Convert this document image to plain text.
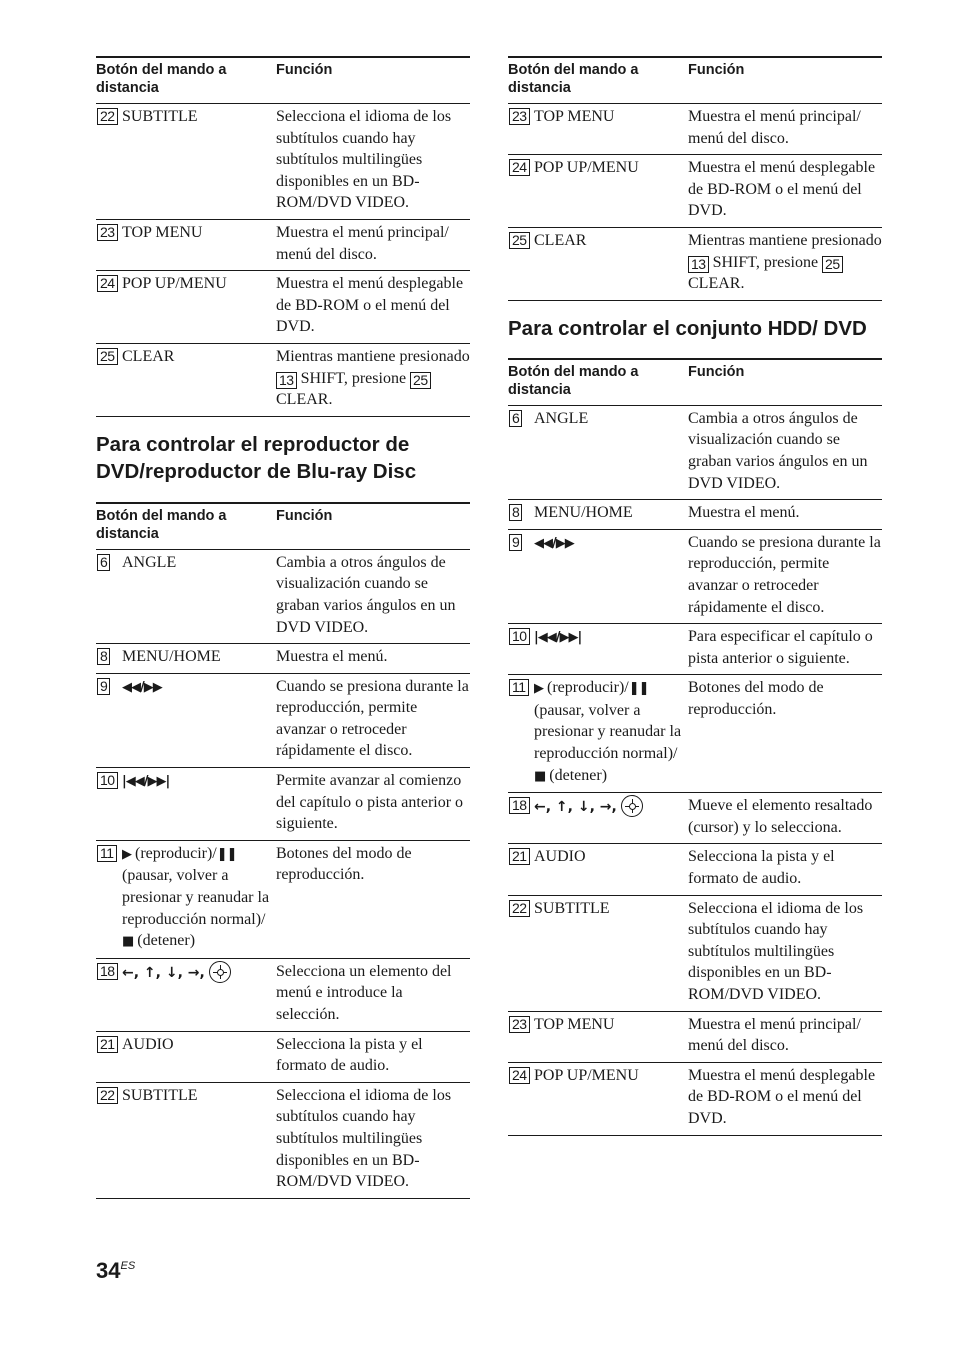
Botón del mando a distancia	Función

22 SUBTITLE	Selecciona el idioma de los subtítulos cuando hay subtítulos multilingües disponibles en un BD-ROM/DVD VIDEO.

23 TOP MENU	Muestra el menú principal/ menú del disco.

24 POP UP/MENU	Muestra el menú desplegable de BD-ROM o el menú del DVD.

25 CLEAR	Mientras mantiene presionado 13 SHIFT, presione 25 CLEAR.
Para controlar el reproductor de DVD/reproductor de Blu-ray Disc
Botón del mando a distancia	Función

6 ANGLE	Cambia a otros ángulos de visualización cuando se graban varios ángulos en un DVD VIDEO.

8 MENU/HOME	Muestra el menú.

9 ◀◀/▶▶	Cuando se presiona durante la reproducción, permite avanzar o retroceder rápidamente el disco.

10 |◀◀/▶▶|	Permite avanzar al comienzo del capítulo o pista anterior o siguiente.

11 ▶ (reproducir)/❚❚ (pausar, volver a presionar y reanudar la reproducción normal)/■ (detener)	Botones del modo de reproducción.

18 ←, ↑, ↓, →,	Selecciona un elemento del menú e introduce la selección.

21 AUDIO	Selecciona la pista y el formato de audio.

22 SUBTITLE	Selecciona el idioma de los subtítulos cuando hay subtítulos multilingües disponibles en un BD-ROM/DVD VIDEO.
Botón del mando a distancia	Función

23 TOP MENU	Muestra el menú principal/ menú del disco.

24 POP UP/MENU	Muestra el menú desplegable de BD-ROM o el menú del DVD.

25 CLEAR	Mientras mantiene presionado 13 SHIFT, presione 25 CLEAR.
Para controlar el conjunto HDD/ DVD
Botón del mando a distancia	Función

6 ANGLE	Cambia a otros ángulos de visualización cuando se graban varios ángulos en un DVD VIDEO.

8 MENU/HOME	Muestra el menú.

9 ◀◀/▶▶	Cuando se presiona durante la reproducción, permite avanzar o retroceder rápidamente el disco.

10 |◀◀/▶▶|	Para especificar el capítulo o pista anterior o siguiente.

11 ▶ (reproducir)/❚❚ (pausar, volver a presionar y reanudar la reproducción normal)/■ (detener)	Botones del modo de reproducción.

18 ←, ↑, ↓, →,	Mueve el elemento resaltado (cursor) y lo selecciona.

21 AUDIO	Selecciona la pista y el formato de audio.

22 SUBTITLE	Selecciona el idioma de los subtítulos cuando hay subtítulos multilingües disponibles en un BD-ROM/DVD VIDEO.

23 TOP MENU	Muestra el menú principal/ menú del disco.

24 POP UP/MENU	Muestra el menú desplegable de BD-ROM o el menú del DVD.
$34^{ES}$
